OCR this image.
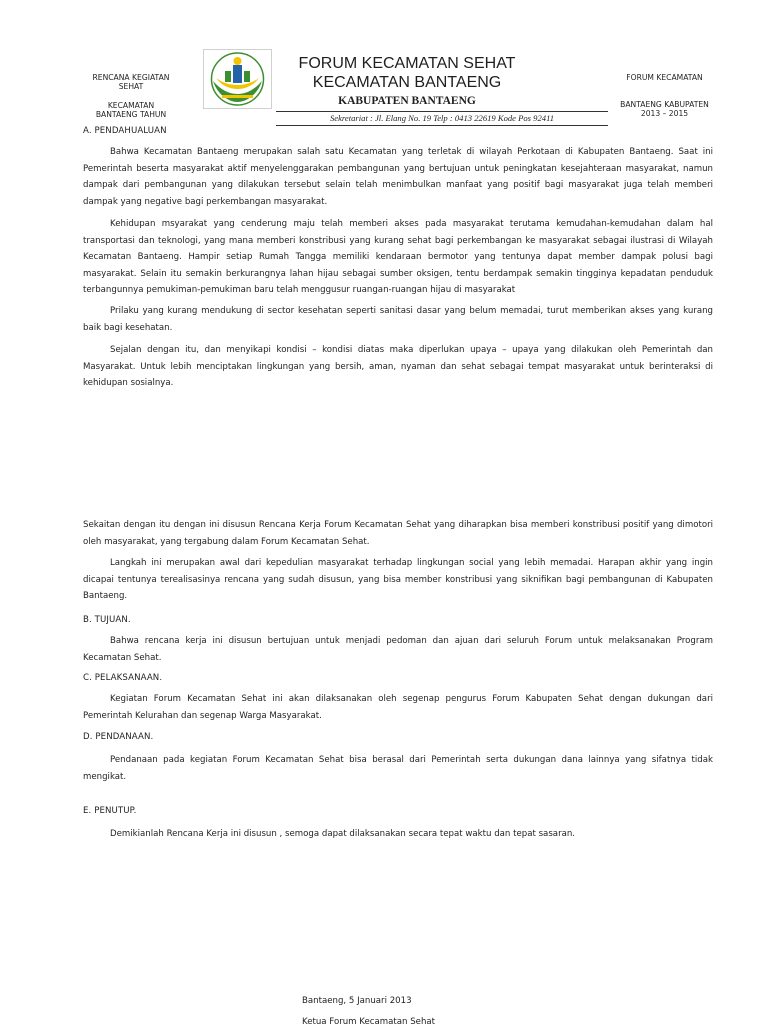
RENCANA KEGIATAN
SEHAT
KECAMATAN
BANTAENG TAHUN
FORUM KECAMATAN SEHAT
KECAMATAN BANTAENG
KABUPATEN BANTAENG
Sekretariat : Jl. Elang No. 19 Telp : 0413 22619 Kode Pos 92411
FORUM KECAMATAN
BANTAENG KABUPATEN
2013 – 2015
A. PENDAHUALUAN

Bahwa Kecamatan Bantaeng merupakan salah satu Kecamatan yang terletak di wilayah Perkotaan di Kabupaten Bantaeng. Saat ini Pemerintah beserta masyarakat aktif menyelenggarakan pembangunan yang bertujuan untuk peningkatan kesejahteraan masyarakat, namun dampak dari pembangunan yang dilakukan tersebut selain telah menimbulkan manfaat yang positif bagi masyarakat juga telah memberi dampak yang negative bagi perkembangan masyarakat.

Kehidupan msyarakat yang cenderung maju telah memberi akses pada masyarakat terutama kemudahan-kemudahan dalam hal transportasi dan teknologi, yang mana memberi konstribusi yang kurang sehat bagi perkembangan ke masyarakat sebagai ilustrasi di Wilayah Kecamatan Bantaeng. Hampir setiap Rumah Tangga memiliki kendaraan bermotor yang tentunya dapat member dampak polusi bagi masyarakat. Selain itu semakin berkurangnya lahan hijau sebagai sumber oksigen, tentu berdampak semakin tingginya kepadatan penduduk terbangunnya pemukiman-pemukiman baru telah menggusur ruangan-ruangan hijau di masyarakat

Prilaku yang kurang mendukung di sector kesehatan seperti sanitasi dasar yang belum memadai, turut memberikan akses yang kurang baik bagi kesehatan.

Sejalan dengan itu, dan menyikapi kondisi – kondisi diatas maka diperlukan upaya – upaya yang dilakukan oleh Pemerintah dan Masyarakat. Untuk lebih menciptakan lingkungan yang bersih, aman, nyaman dan sehat sebagai tempat masyarakat untuk berinteraksi di kehidupan sosialnya.

Sekaitan dengan itu dengan ini disusun Rencana Kerja Forum Kecamatan Sehat yang diharapkan bisa memberi konstribusi positif yang dimotori oleh masyarakat, yang tergabung dalam Forum Kecamatan Sehat.

Langkah ini merupakan awal dari kepedulian masyarakat terhadap lingkungan social yang lebih memadai. Harapan akhir yang ingin dicapai tentunya terealisasinya rencana yang sudah disusun, yang bisa member konstribusi yang siknifikan bagi pembangunan di Kabupaten Bantaeng.

B. TUJUAN.

Bahwa rencana kerja ini disusun bertujuan untuk menjadi pedoman dan ajuan dari seluruh Forum untuk melaksanakan Program Kecamatan Sehat.

C. PELAKSANAAN.

Kegiatan Forum Kecamatan Sehat ini akan dilaksanakan oleh segenap pengurus Forum Kabupaten Sehat dengan dukungan dari Pemerintah Kelurahan dan segenap Warga Masyarakat.

D. PENDANAAN.

Pendanaan pada kegiatan Forum Kecamatan Sehat bisa berasal dari Pemerintah serta dukungan dana lainnya yang sifatnya tidak mengikat.

E. PENUTUP.

Demikianlah Rencana Kerja ini disusun , semoga dapat dilaksanakan secara tepat waktu dan tepat sasaran.

Bantaeng, 5 Januari 2013
Ketua Forum Kecamatan Sehat
